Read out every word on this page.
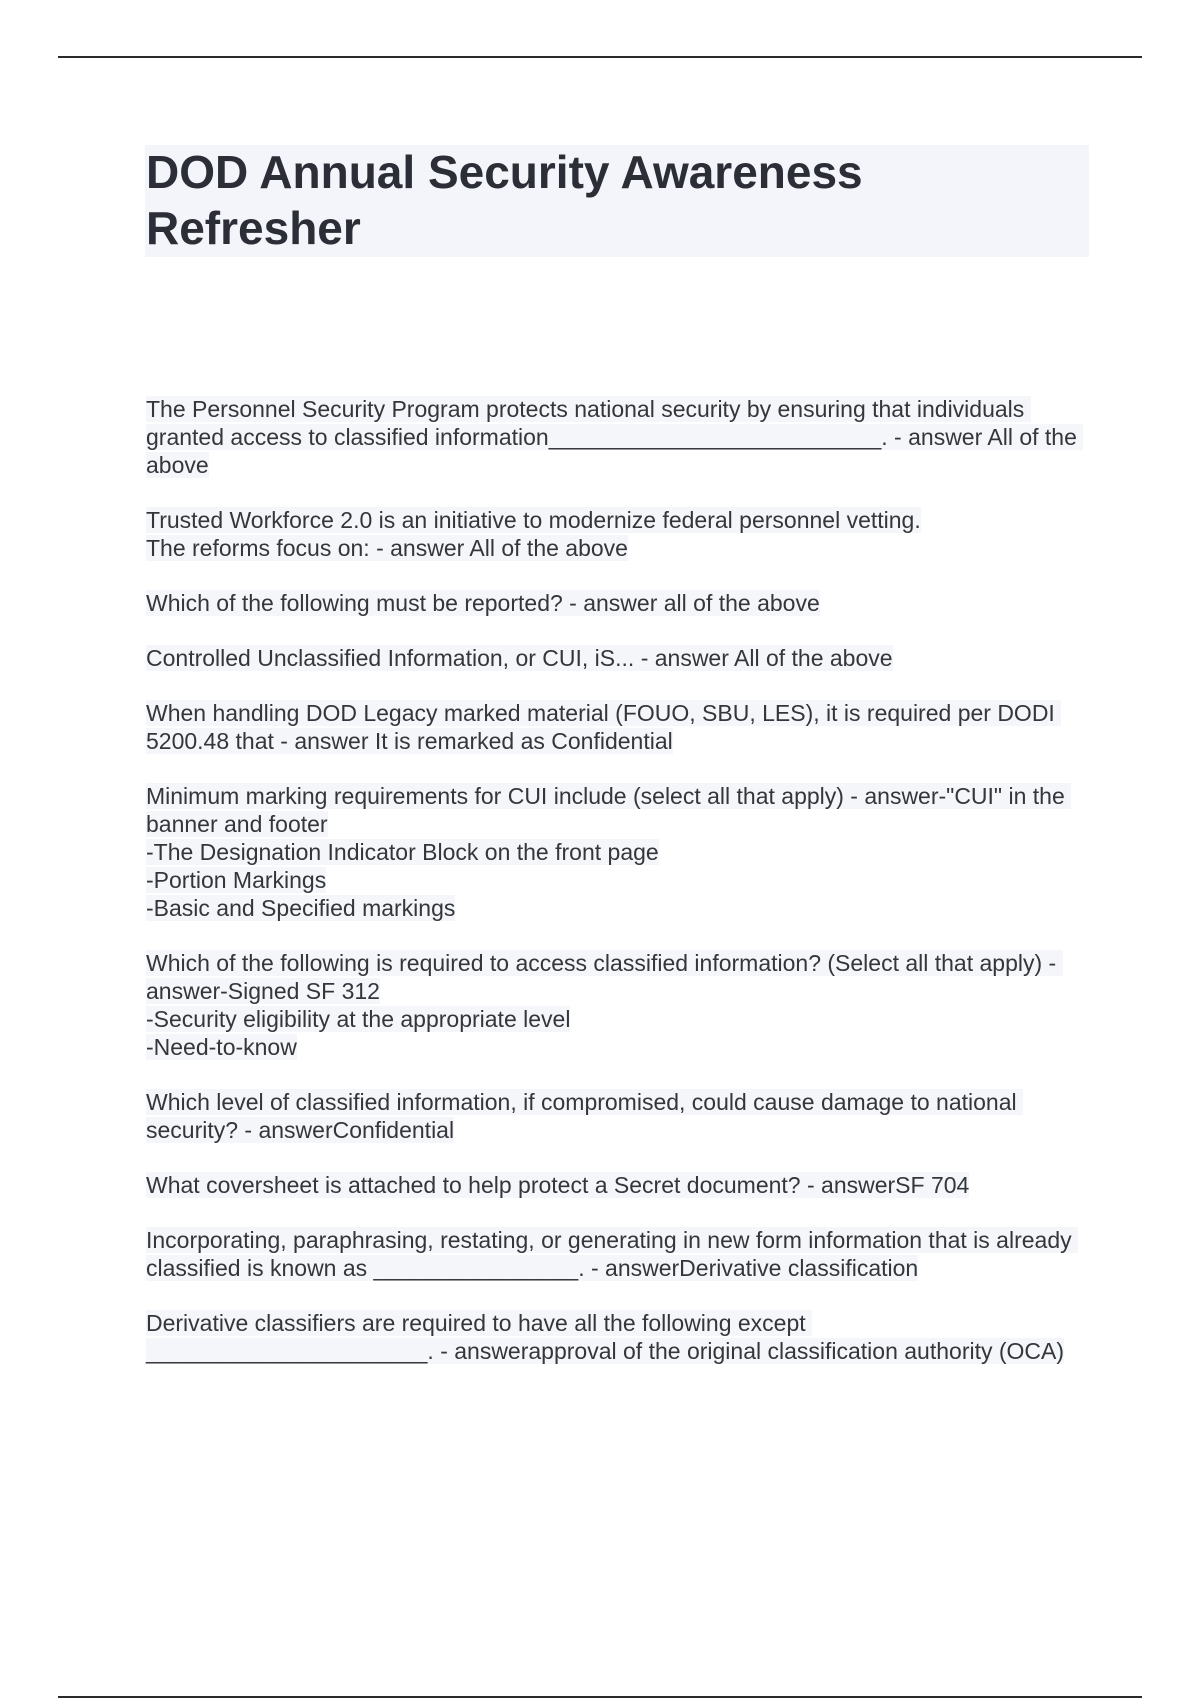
DOD Annual Security Awareness Refresher

The Personnel Security Program protects national security by ensuring that individuals granted access to classified information__________________________. - answer All of the above

Trusted Workforce 2.0 is an initiative to modernize federal personnel vetting.
The reforms focus on: - answer All of the above

Which of the following must be reported? - answer all of the above

Controlled Unclassified Information, or CUI, iS... - answer All of the above

When handling DOD Legacy marked material (FOUO, SBU, LES), it is required per DODI 5200.48 that - answer It is remarked as Confidential

Minimum marking requirements for CUI include (select all that apply) - answer-"CUI" in the banner and footer
-The Designation Indicator Block on the front page
-Portion Markings
-Basic and Specified markings

Which of the following is required to access classified information? (Select all that apply) - answer-Signed SF 312
-Security eligibility at the appropriate level
-Need-to-know

Which level of classified information, if compromised, could cause damage to national security? - answerConfidential

What coversheet is attached to help protect a Secret document? - answerSF 704

Incorporating, paraphrasing, restating, or generating in new form information that is already classified is known as ________________. - answerDerivative classification

Derivative classifiers are required to have all the following except ______________________. - answerapproval of the original classification authority (OCA)
